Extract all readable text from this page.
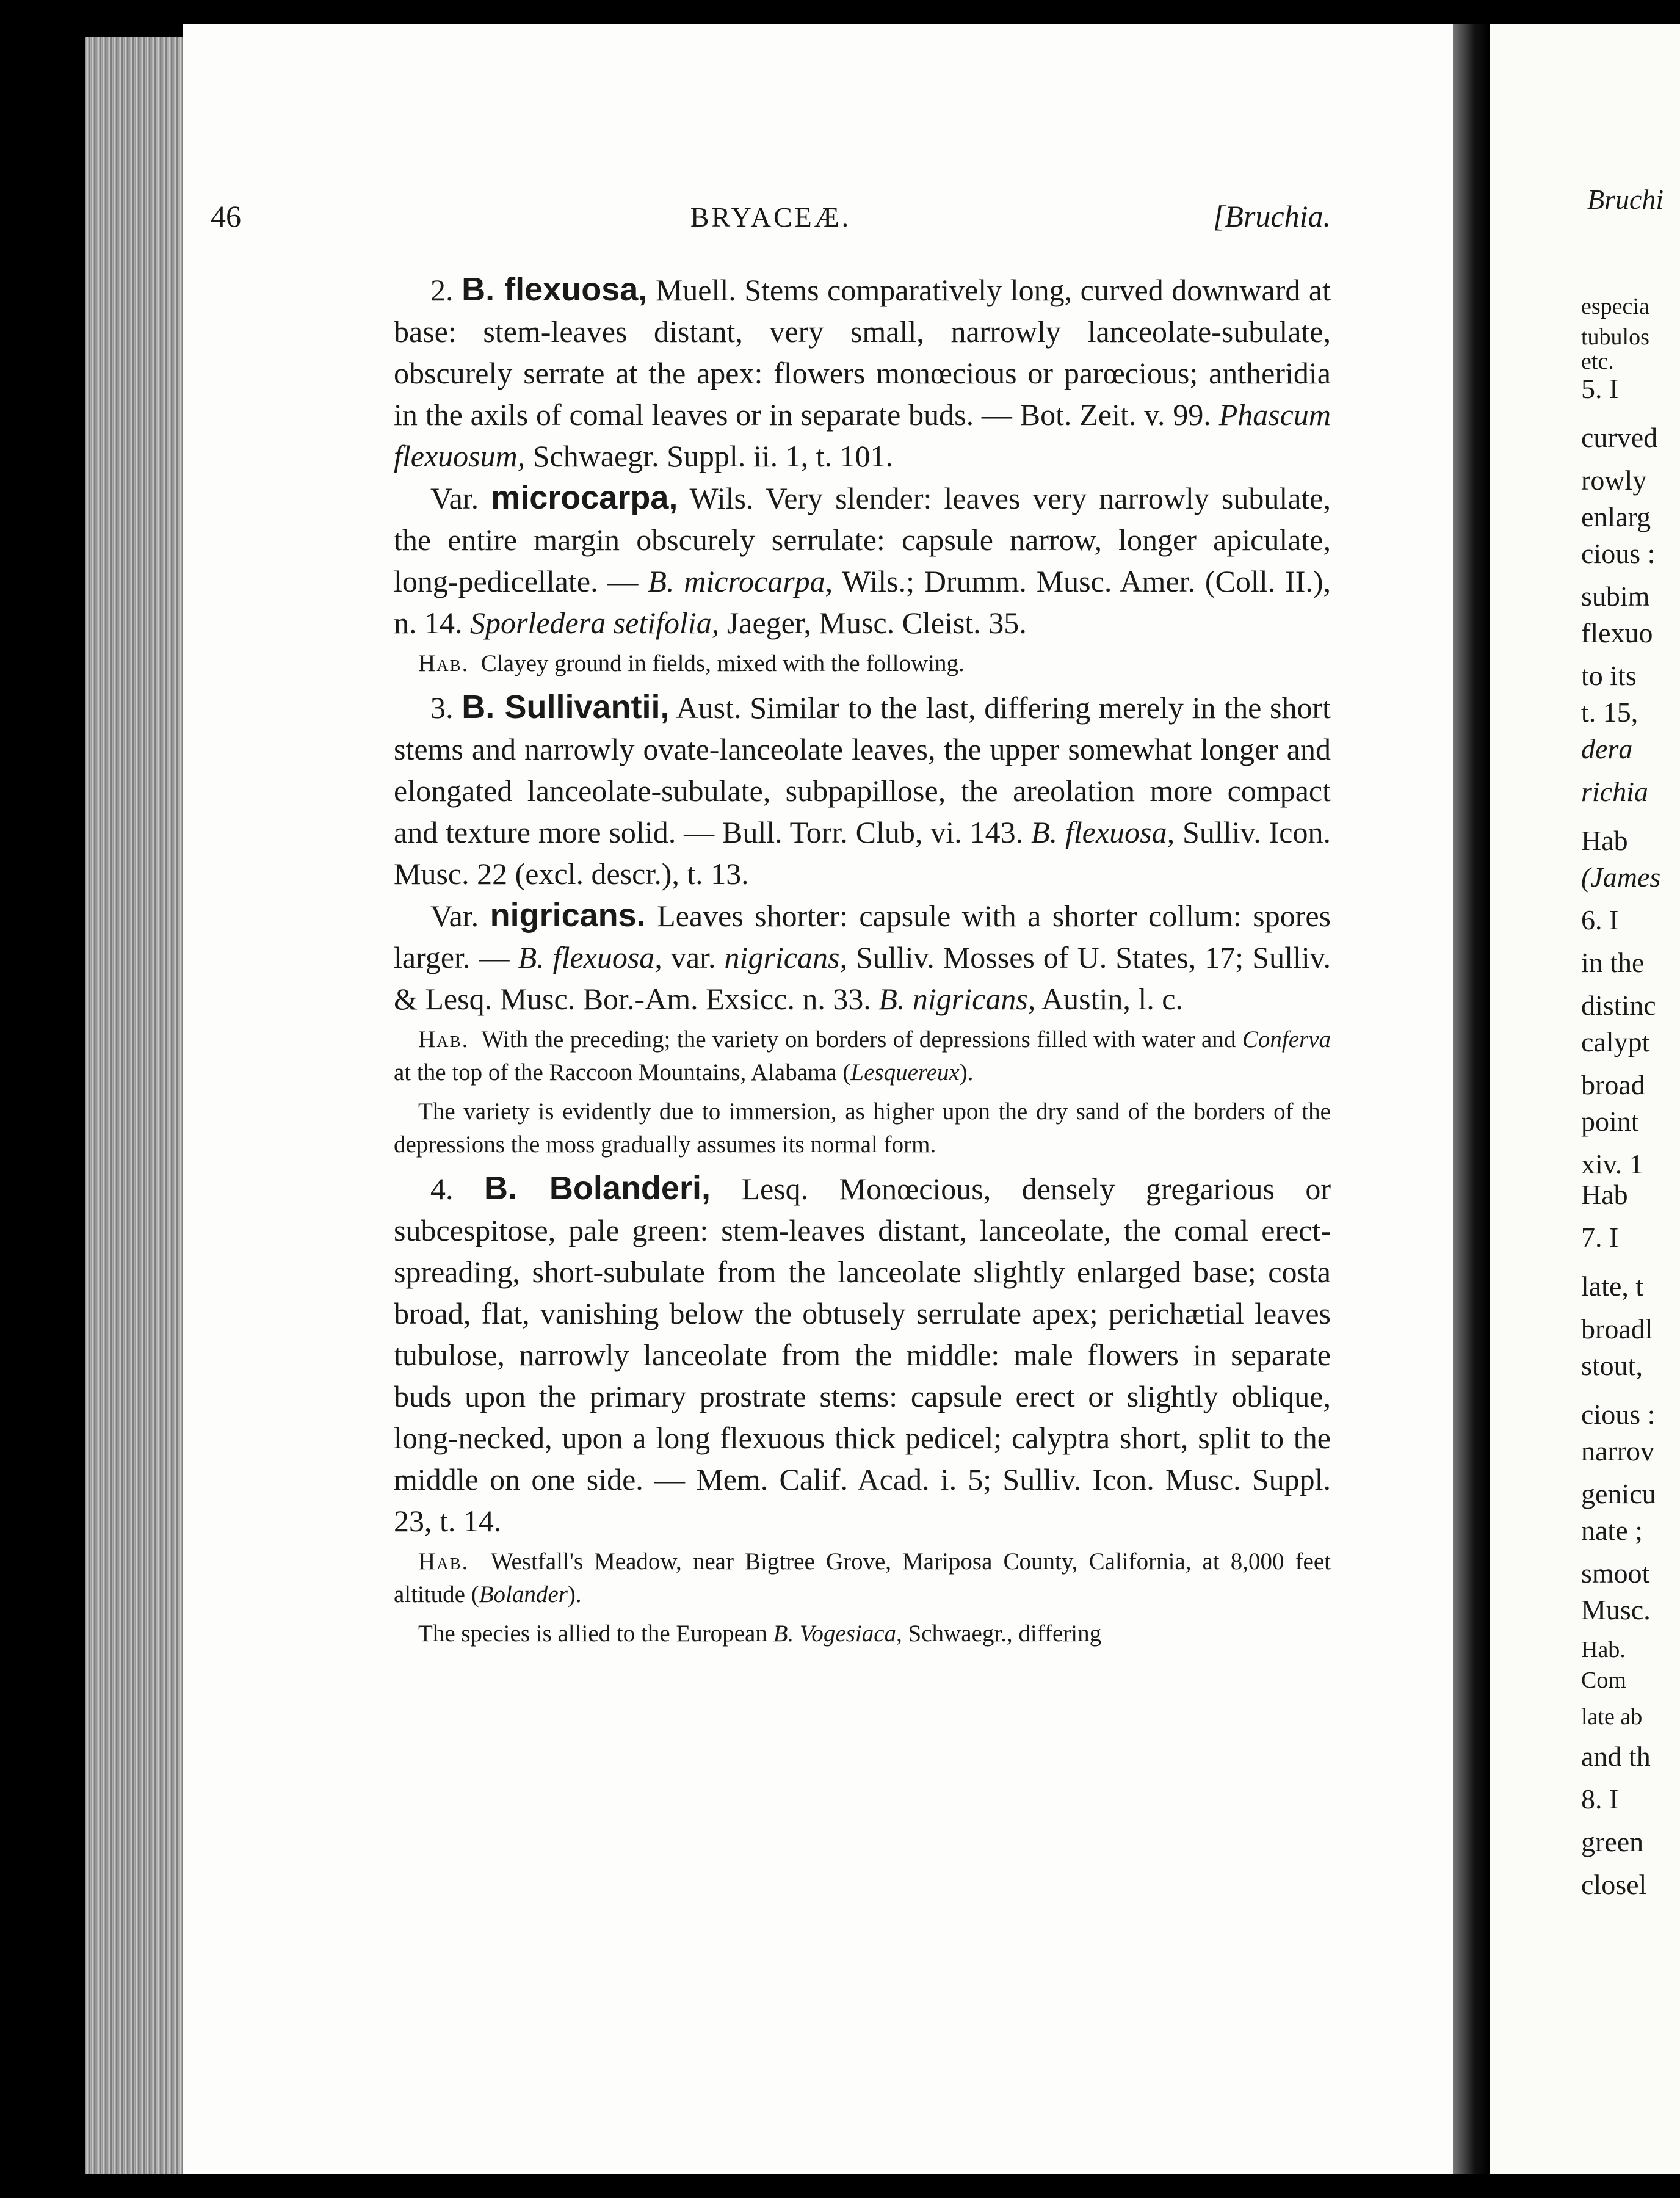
46	BRYACEÆ.	[Bruchia.

2. B. flexuosa, Muell. Stems comparatively long, curved downward at base: stem-leaves distant, very small, narrowly lanceolate-subulate, obscurely serrate at the apex: flowers monœcious or parœcious; antheridia in the axils of comal leaves or in separate buds. — Bot. Zeit. v. 99. Phascum flexuosum, Schwaegr. Suppl. ii. 1, t. 101.

Var. microcarpa, Wils. Very slender: leaves very narrowly subulate, the entire margin obscurely serrulate: capsule narrow, longer apiculate, long-pedicellate. — B. microcarpa, Wils.; Drumm. Musc. Amer. (Coll. II.), n. 14. Sporledera setifolia, Jaeger, Musc. Cleist. 35.

Hab. Clayey ground in fields, mixed with the following.

3. B. Sullivantii, Aust. Similar to the last, differing merely in the short stems and narrowly ovate-lanceolate leaves, the upper somewhat longer and elongated lanceolate-subulate, subpapillose, the areolation more compact and texture more solid. — Bull. Torr. Club, vi. 143. B. flexuosa, Sulliv. Icon. Musc. 22 (excl. descr.), t. 13.

Var. nigricans. Leaves shorter: capsule with a shorter collum: spores larger. — B. flexuosa, var. nigricans, Sulliv. Mosses of U. States, 17; Sulliv. & Lesq. Musc. Bor.-Am. Exsicc. n. 33. B. nigricans, Austin, l. c.

Hab. With the preceding; the variety on borders of depressions filled with water and Conferva at the top of the Raccoon Mountains, Alabama (Lesquereux).

The variety is evidently due to immersion, as higher upon the dry sand of the borders of the depressions the moss gradually assumes its normal form.

4. B. Bolanderi, Lesq. Monœcious, densely gregarious or subcespitose, pale green: stem-leaves distant, lanceolate, the comal erect-spreading, short-subulate from the lanceolate slightly enlarged base; costa broad, flat, vanishing below the obtusely serrulate apex; perichætial leaves tubulose, narrowly lanceolate from the middle: male flowers in separate buds upon the primary prostrate stems: capsule erect or slightly oblique, long-necked, upon a long flexuous thick pedicel; calyptra short, split to the middle on one side. — Mem. Calif. Acad. i. 5; Sulliv. Icon. Musc. Suppl. 23, t. 14.

Hab. Westfall's Meadow, near Bigtree Grove, Mariposa County, California, at 8,000 feet altitude (Bolander).

The species is allied to the European B. Vogesiaca, Schwaegr., differing

Bruchi
especia
tubulos
etc.
5. I
curved
rowly
enlarg
cious :
subim
flexuo
to its
t. 15,
dera
richia
Hab
(James
6. I
in the
distinc
calypt
broad
point
xiv. 1
Hab
7. I
late, t
broadl
stout,
cious :
narrov
genicu
nate ;
smoot
Musc.
Hab.
Com
late ab
and th
8. I
green
closel
